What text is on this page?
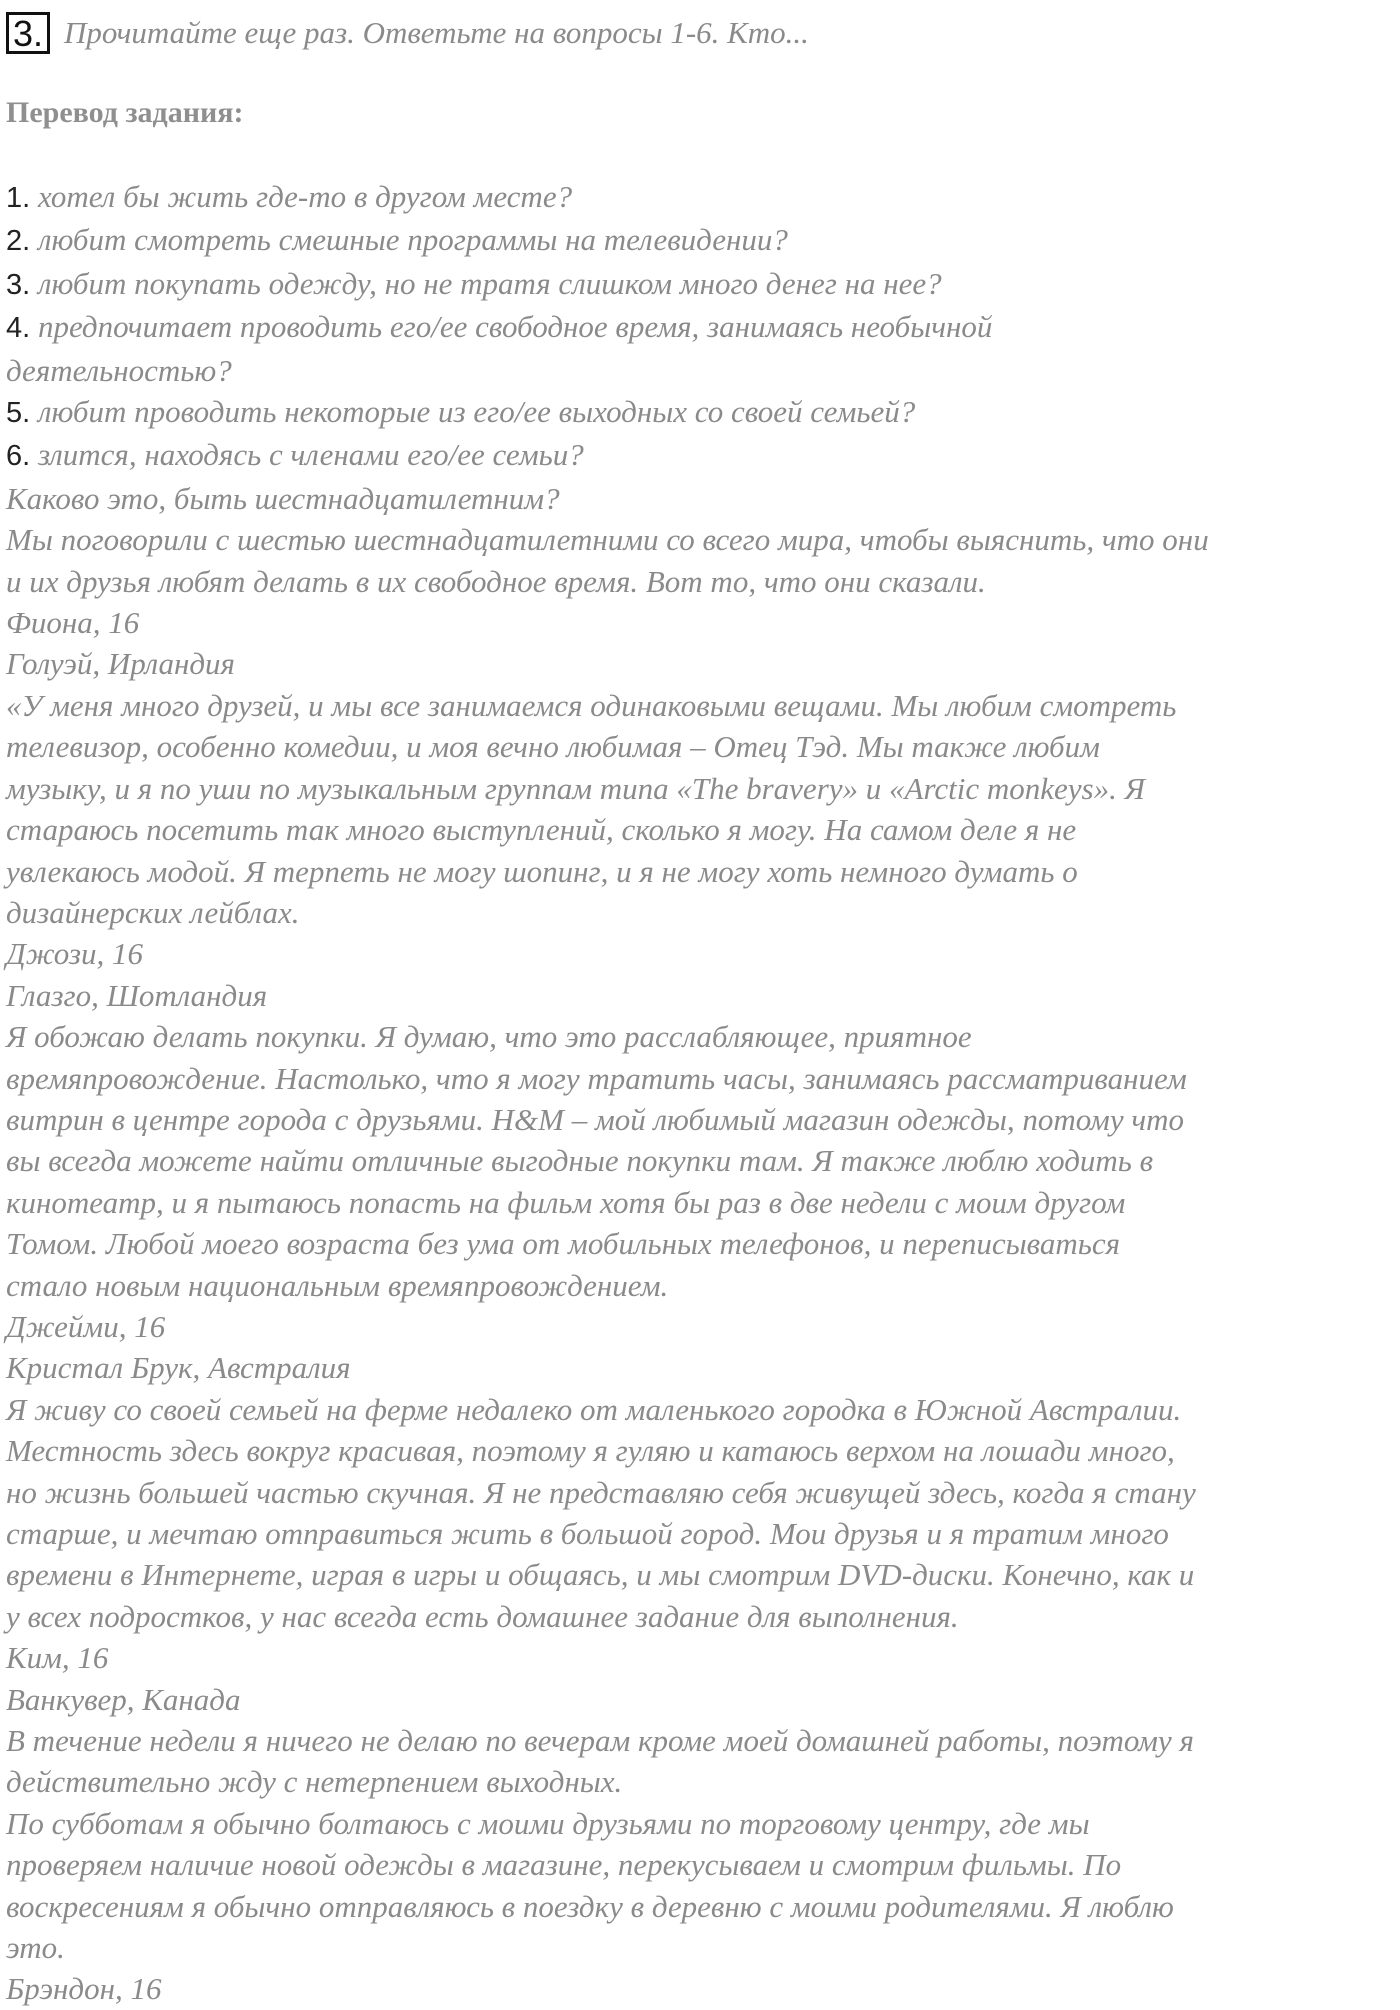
3. Прочитайте еще раз. Ответьте на вопросы 1-6. Кто...
Перевод задания:
1. хотел бы жить где-то в другом месте?
2. любит смотреть смешные программы на телевидении?
3. любит покупать одежду, но не тратя слишком много денег на нее?
4. предпочитает проводить его/ее свободное время, занимаясь необычной деятельностью?
5. любит проводить некоторые из его/ее выходных со своей семьей?
6. злится, находясь с членами его/ее семьи?
Каково это, быть шестнадцатилетним?
Мы поговорили с шестью шестнадцатилетними со всего мира, чтобы выяснить, что они
и их друзья любят делать в их свободное время. Вот то, что они сказали.
Фиона, 16
Голуэй, Ирландия
«У меня много друзей, и мы все занимаемся одинаковыми вещами. Мы любим смотреть
телевизор, особенно комедии, и моя вечно любимая – Отец Тэд. Мы также любим
музыку, и я по уши по музыкальным группам типа «The bravery» и «Arctic monkeys». Я
стараюсь посетить так много выступлений, сколько я могу. На самом деле я не
увлекаюсь модой. Я терпеть не могу шопинг, и я не могу хоть немного думать о
дизайнерских лейблах.
Джози, 16
Глазго, Шотландия
Я обожаю делать покупки. Я думаю, что это расслабляющее, приятное
времяпровождение. Настолько, что я могу тратить часы, занимаясь рассматриванием
витрин в центре города с друзьями. H&M – мой любимый магазин одежды, потому что
вы всегда можете найти отличные выгодные покупки там. Я также люблю ходить в
кинотеатр, и я пытаюсь попасть на фильм хотя бы раз в две недели с моим другом
Томом. Любой моего возраста без ума от мобильных телефонов, и переписываться
стало новым национальным времяпровождением.
Джейми, 16
Кристал Брук, Австралия
Я живу со своей семьей на ферме недалеко от маленького городка в Южной Австралии.
Местность здесь вокруг красивая, поэтому я гуляю и катаюсь верхом на лошади много,
но жизнь большей частью скучная. Я не представляю себя живущей здесь, когда я стану
старше, и мечтаю отправиться жить в большой город. Мои друзья и я тратим много
времени в Интернете, играя в игры и общаясь, и мы смотрим DVD-диски. Конечно, как и
у всех подростков, у нас всегда есть домашнее задание для выполнения.
Ким, 16
Ванкувер, Канада
В течение недели я ничего не делаю по вечерам кроме моей домашней работы, поэтому я
действительно жду с нетерпением выходных.
По субботам я обычно болтаюсь с моими друзьями по торговому центру, где мы
проверяем наличие новой одежды в магазине, перекусываем и смотрим фильмы. По
воскресениям я обычно отправляюсь в поездку в деревню с моими родителями. Я люблю
это.
Брэндон, 16
